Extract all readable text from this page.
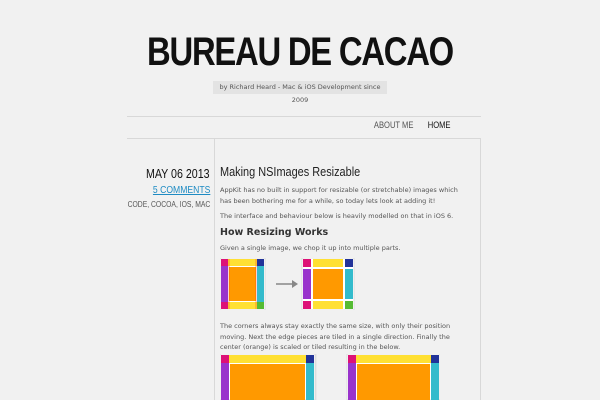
BUREAU DE CACAO
by Richard Heard - Mac & iOS Development since 2009
ABOUT ME HOME
MAY 06 2013
5 COMMENTS
CODE, COCOA, IOS, MAC
Making NSImages Resizable

AppKit has no built in support for resizable (or stretchable) images which has been bothering me for a while, so today lets look at adding it!

The interface and behaviour below is heavily modelled on that in iOS 6.

How Resizing Works

Given a single image, we chop it up into multiple parts.

The corners always stay exactly the same size, with only their position moving. Next the edge pieces are tiled in a single direction. Finally the center (orange) is scaled or tiled resulting in the below.
